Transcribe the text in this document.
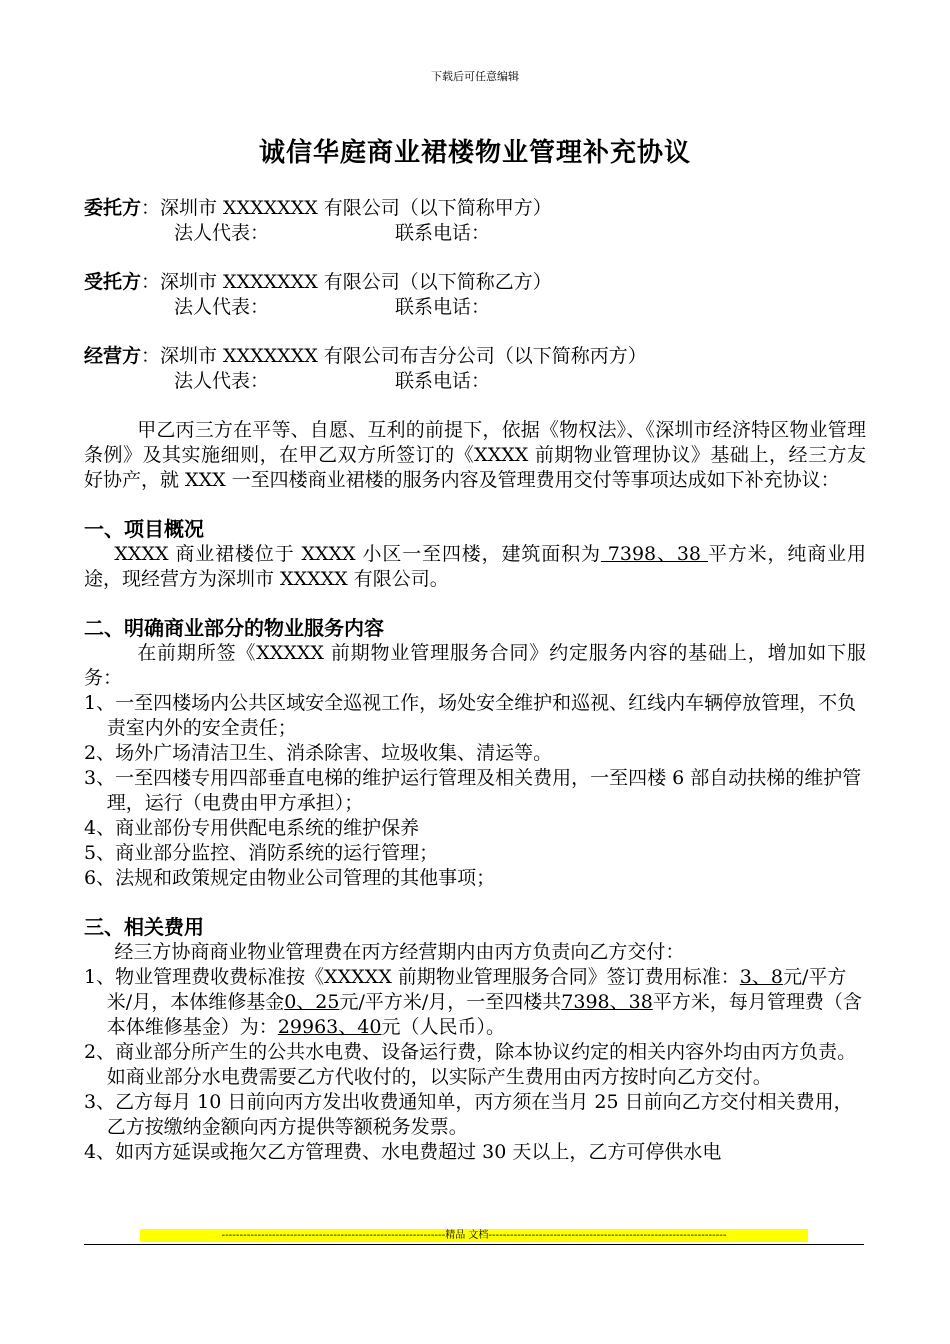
下载后可任意编辑
诚信华庭商业裙楼物业管理补充协议
委托方：深圳市 XXXXXXX 有限公司（以下简称甲方）
法人代表：	联系电话：
受托方：深圳市 XXXXXXX 有限公司（以下简称乙方）
法人代表：	联系电话：
经营方：深圳市 XXXXXXX 有限公司布吉分公司（以下简称丙方）
法人代表：	联系电话：

甲乙丙三方在平等、自愿、互利的前提下，依据《物权法》、《深圳市经济特区物业管理条例》及其实施细则，在甲乙双方所签订的《XXXX 前期物业管理协议》基础上，经三方友好协产，就 XXX 一至四楼商业裙楼的服务内容及管理费用交付等事项达成如下补充协议：

一、项目概况

XXXX 商业裙楼位于 XXXX 小区一至四楼，建筑面积为 7398、38 平方米，纯商业用途，现经营方为深圳市 XXXXX 有限公司。

二、明确商业部分的物业服务内容

在前期所签《XXXXX 前期物业管理服务合同》约定服务内容的基础上，增加如下服务：

1、一至四楼场内公共区域安全巡视工作，场处安全维护和巡视、红线内车辆停放管理，不负责室内外的安全责任；
2、场外广场清洁卫生、消杀除害、垃圾收集、清运等。
3、一至四楼专用四部垂直电梯的维护运行管理及相关费用，一至四楼 6 部自动扶梯的维护管理，运行（电费由甲方承担）；
4、商业部份专用供配电系统的维护保养
5、商业部分监控、消防系统的运行管理；
6、法规和政策规定由物业公司管理的其他事项；

三、相关费用

经三方协商商业物业管理费在丙方经营期内由丙方负责向乙方交付：

1、物业管理费收费标准按《XXXXX 前期物业管理服务合同》签订费用标准：3、8元/平方米/月，本体维修基金0、25元/平方米/月，一至四楼共7398、38平方米，每月管理费（含本体维修基金）为：29963、40元（人民币）。
2、商业部分所产生的公共水电费、设备运行费，除本协议约定的相关内容外均由丙方负责。如商业部分水电费需要乙方代收付的，以实际产生费用由丙方按时向乙方交付。
3、乙方每月 10 日前向丙方发出收费通知单，丙方须在当月 25 日前向乙方交付相关费用，乙方按缴纳金额向丙方提供等额税务发票。
4、如丙方延误或拖欠乙方管理费、水电费超过 30 天以上，乙方可停供水电
--------------------------------------------------------------精品 文档------------------------------------------------------------------
